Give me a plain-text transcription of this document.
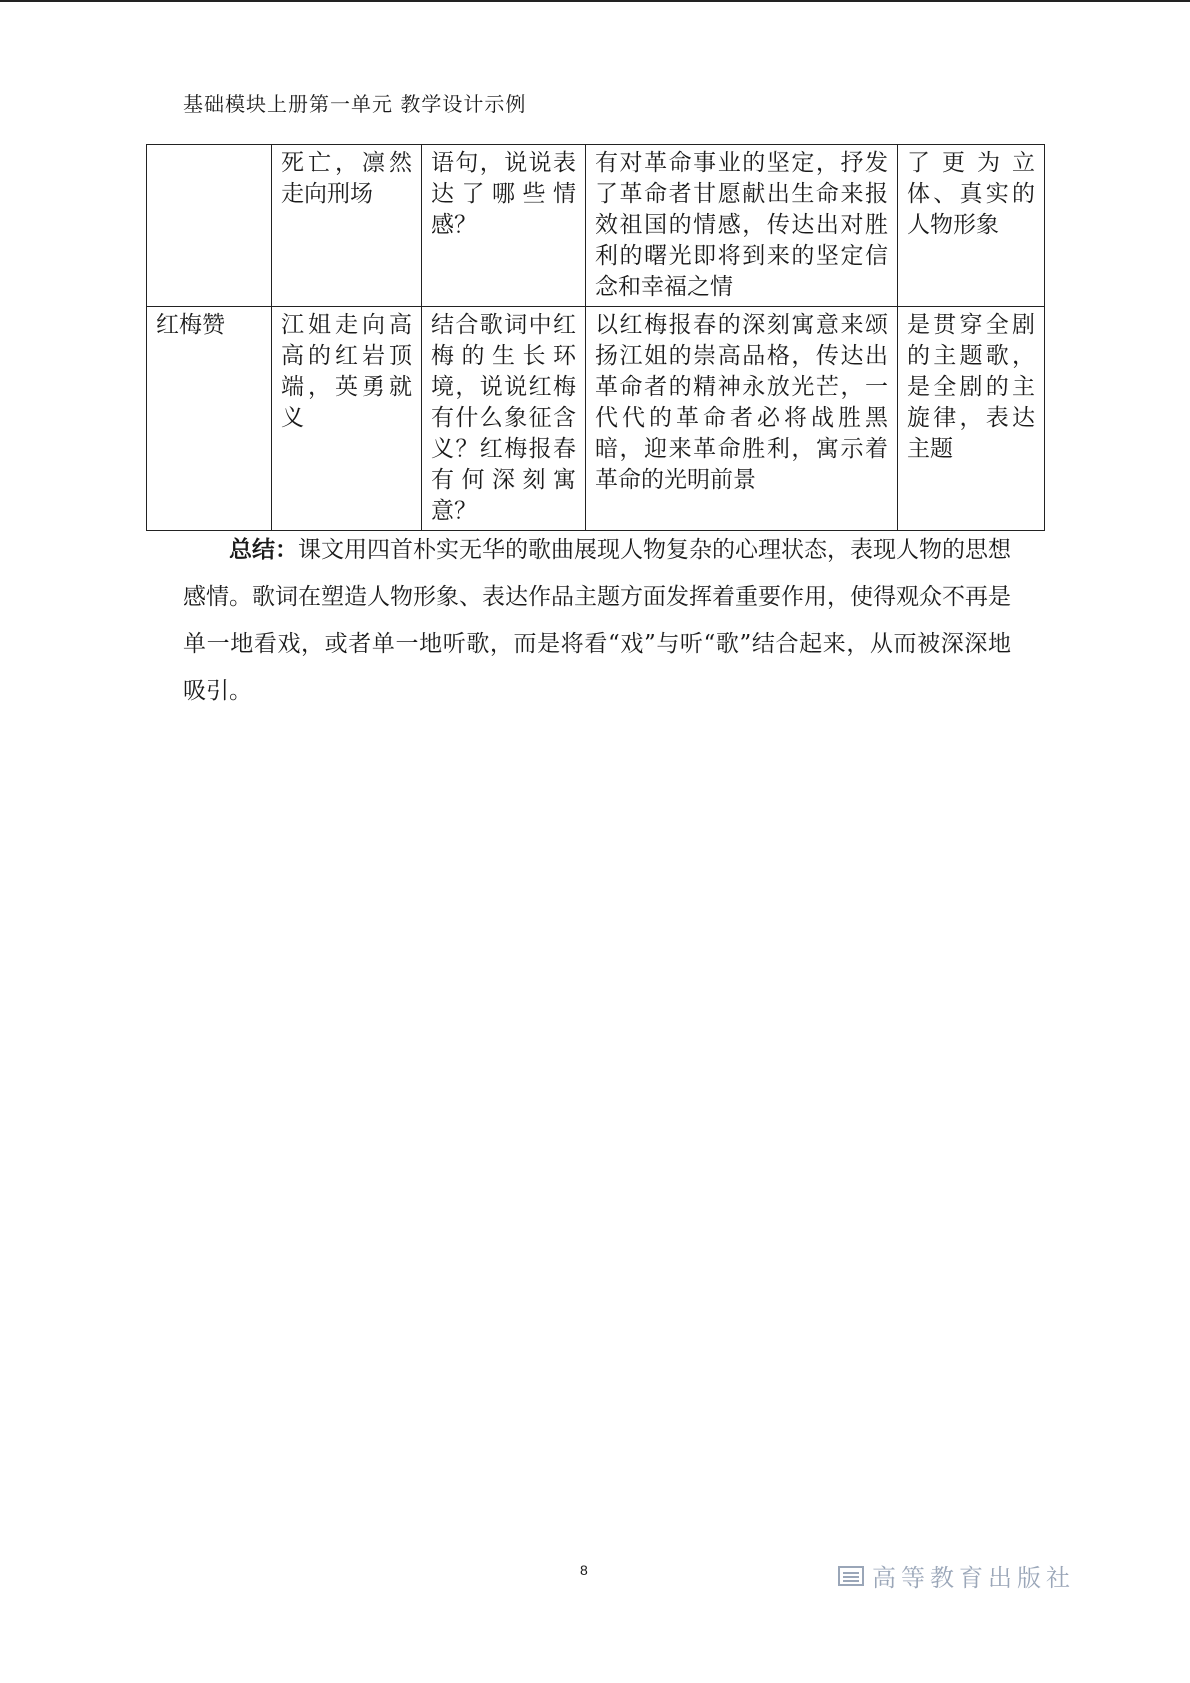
基础模块上册第一单元 教学设计示例
	死亡，凛然走向刑场	语句，说说表达了哪些情感？	有对革命事业的坚定，抒发了革命者甘愿献出生命来报效祖国的情感，传达出对胜利的曙光即将到来的坚定信念和幸福之情	了更为立体、真实的人物形象
红梅赞	江姐走向高高的红岩顶端，英勇就义	结合歌词中红梅的生长环境，说说红梅有什么象征含义？红梅报春有何深刻寓意？	以红梅报春的深刻寓意来颂扬江姐的崇高品格，传达出革命者的精神永放光芒，一代代的革命者必将战胜黑暗，迎来革命胜利，寓示着革命的光明前景	是贯穿全剧的主题歌，是全剧的主旋律，表达主题

总结：课文用四首朴实无华的歌曲展现人物复杂的心理状态，表现人物的思想感情。歌词在塑造人物形象、表达作品主题方面发挥着重要作用，使得观众不再是单一地看戏，或者单一地听歌，而是将看“戏”与听“歌”结合起来，从而被深深地吸引。

8	高等教育出版社
